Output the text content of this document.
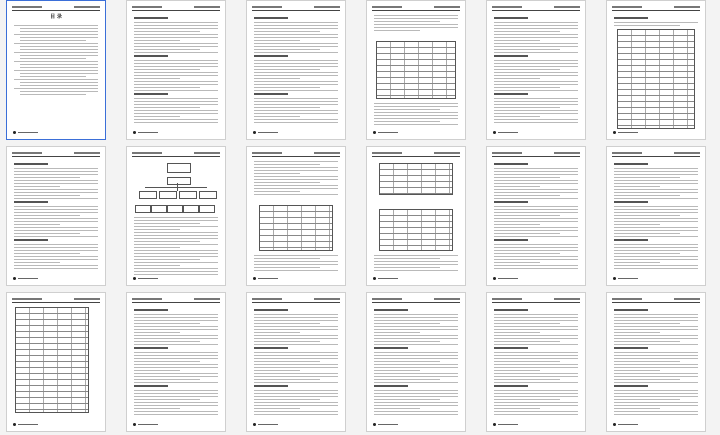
目 录
